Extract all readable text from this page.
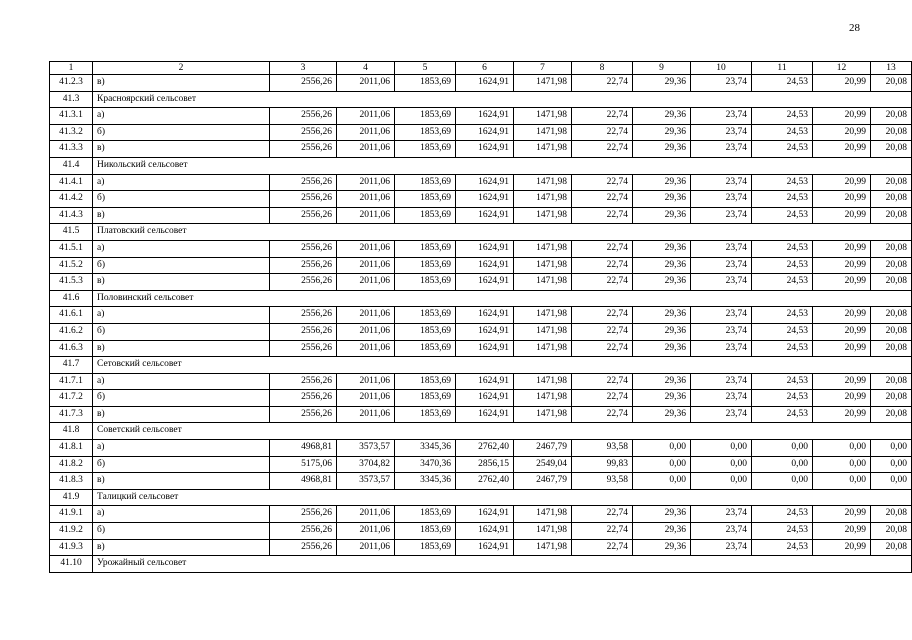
28
1	2	3	4	5	6	7	8	9	10	11	12	13
41.2.3	в)	2556,26	2011,06	1853,69	1624,91	1471,98	22,74	29,36	23,74	24,53	20,99	20,08
41.3	Красноярский сельсовет											
41.3.1	а)	2556,26	2011,06	1853,69	1624,91	1471,98	22,74	29,36	23,74	24,53	20,99	20,08
41.3.2	б)	2556,26	2011,06	1853,69	1624,91	1471,98	22,74	29,36	23,74	24,53	20,99	20,08
41.3.3	в)	2556,26	2011,06	1853,69	1624,91	1471,98	22,74	29,36	23,74	24,53	20,99	20,08
41.4	Никольский сельсовет											
41.4.1	а)	2556,26	2011,06	1853,69	1624,91	1471,98	22,74	29,36	23,74	24,53	20,99	20,08
41.4.2	б)	2556,26	2011,06	1853,69	1624,91	1471,98	22,74	29,36	23,74	24,53	20,99	20,08
41.4.3	в)	2556,26	2011,06	1853,69	1624,91	1471,98	22,74	29,36	23,74	24,53	20,99	20,08
41.5	Платовский сельсовет											
41.5.1	а)	2556,26	2011,06	1853,69	1624,91	1471,98	22,74	29,36	23,74	24,53	20,99	20,08
41.5.2	б)	2556,26	2011,06	1853,69	1624,91	1471,98	22,74	29,36	23,74	24,53	20,99	20,08
41.5.3	в)	2556,26	2011,06	1853,69	1624,91	1471,98	22,74	29,36	23,74	24,53	20,99	20,08
41.6	Половинский сельсовет											
41.6.1	а)	2556,26	2011,06	1853,69	1624,91	1471,98	22,74	29,36	23,74	24,53	20,99	20,08
41.6.2	б)	2556,26	2011,06	1853,69	1624,91	1471,98	22,74	29,36	23,74	24,53	20,99	20,08
41.6.3	в)	2556,26	2011,06	1853,69	1624,91	1471,98	22,74	29,36	23,74	24,53	20,99	20,08
41.7	Сетовский сельсовет											
41.7.1	а)	2556,26	2011,06	1853,69	1624,91	1471,98	22,74	29,36	23,74	24,53	20,99	20,08
41.7.2	б)	2556,26	2011,06	1853,69	1624,91	1471,98	22,74	29,36	23,74	24,53	20,99	20,08
41.7.3	в)	2556,26	2011,06	1853,69	1624,91	1471,98	22,74	29,36	23,74	24,53	20,99	20,08
41.8	Советский сельсовет											
41.8.1	а)	4968,81	3573,57	3345,36	2762,40	2467,79	93,58	0,00	0,00	0,00	0,00	0,00
41.8.2	б)	5175,06	3704,82	3470,36	2856,15	2549,04	99,83	0,00	0,00	0,00	0,00	0,00
41.8.3	в)	4968,81	3573,57	3345,36	2762,40	2467,79	93,58	0,00	0,00	0,00	0,00	0,00
41.9	Талицкий сельсовет											
41.9.1	а)	2556,26	2011,06	1853,69	1624,91	1471,98	22,74	29,36	23,74	24,53	20,99	20,08
41.9.2	б)	2556,26	2011,06	1853,69	1624,91	1471,98	22,74	29,36	23,74	24,53	20,99	20,08
41.9.3	в)	2556,26	2011,06	1853,69	1624,91	1471,98	22,74	29,36	23,74	24,53	20,99	20,08
41.10	Урожайный сельсовет											
